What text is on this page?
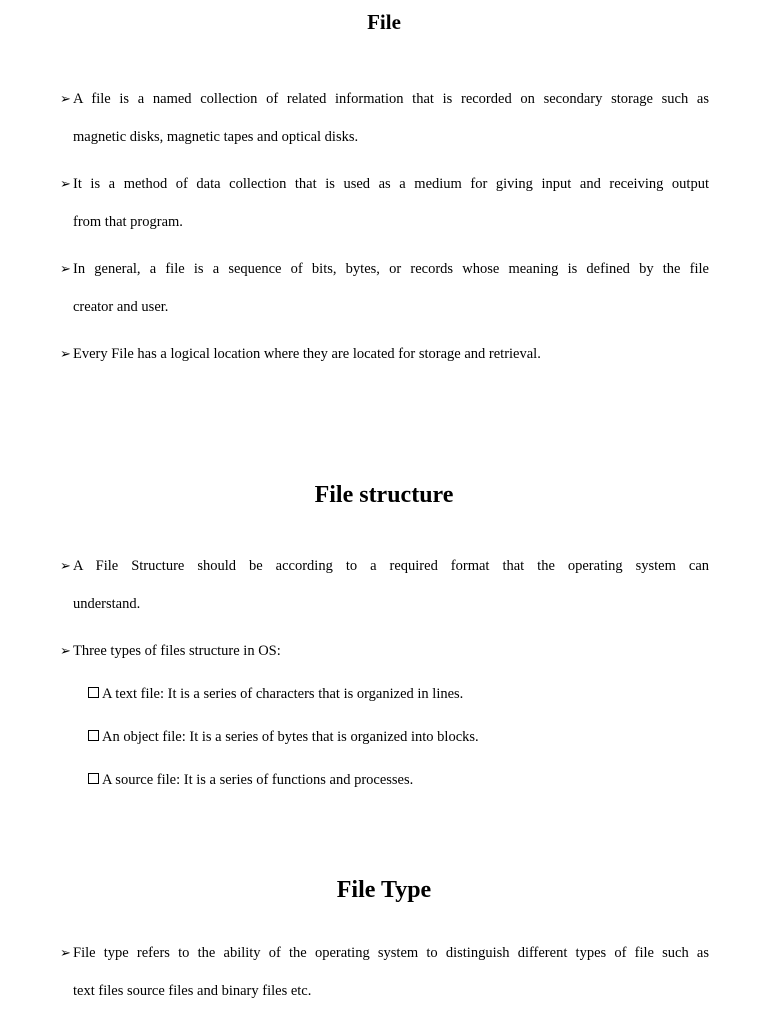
File
➢ A file is a named collection of related information that is recorded on secondary storage such as
magnetic disks, magnetic tapes and optical disks.
➢ It is a method of data collection that is used as a medium for giving input and receiving output
from that program.
➢ In general, a file is a sequence of bits, bytes, or records whose meaning is defined by the file
creator and user.
➢ Every File has a logical location where they are located for storage and retrieval.
File structure
➢ A File Structure should be according to a required format that the operating system can
understand.
➢ Three types of files structure in OS:

A text file: It is a series of characters that is organized in lines.

An object file: It is a series of bytes that is organized into blocks.

A source file: It is a series of functions and processes.

File Type
➢ File type refers to the ability of the operating system to distinguish different types of file such as
text files source files and binary files etc.
